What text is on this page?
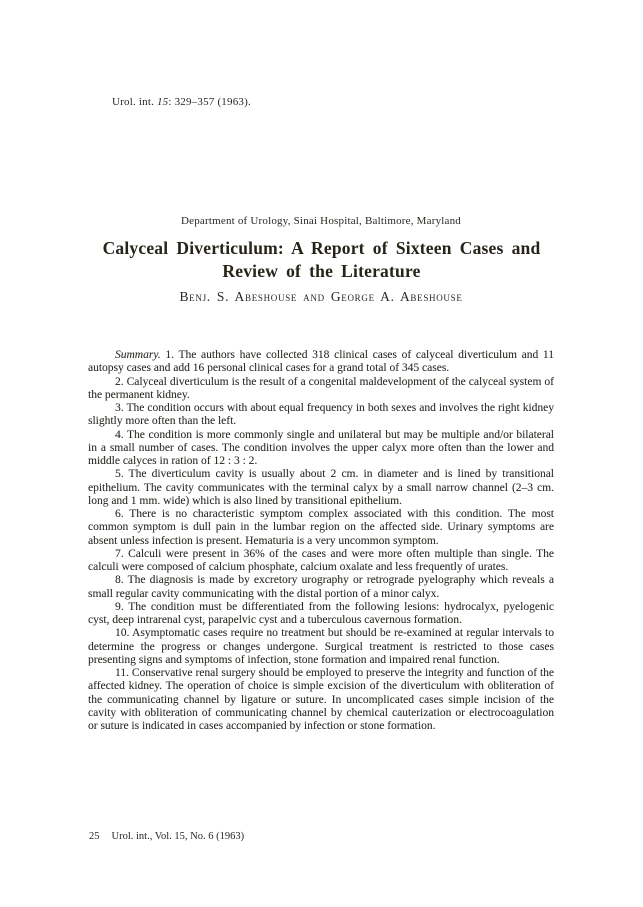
Urol. int. 15: 329–357 (1963).
Department of Urology, Sinai Hospital, Baltimore, Maryland
Calyceal Diverticulum: A Report of Sixteen Cases and
Review of the Literature
Benj. S. Abeshouse and George A. Abeshouse

Summary. 1. The authors have collected 318 clinical cases of calyceal diverticulum and 11 autopsy cases and add 16 personal clinical cases for a grand total of 345 cases.

2. Calyceal diverticulum is the result of a congenital maldevelopment of the calyceal system of the permanent kidney.

3. The condition occurs with about equal frequency in both sexes and involves the right kidney slightly more often than the left.

4. The condition is more commonly single and unilateral but may be multiple and/or bilateral in a small number of cases. The condition involves the upper calyx more often than the lower and middle calyces in ration of 12 : 3 : 2.

5. The diverticulum cavity is usually about 2 cm. in diameter and is lined by transitional epithelium. The cavity communicates with the terminal calyx by a small narrow channel (2–3 cm. long and 1 mm. wide) which is also lined by transitional epithelium.

6. There is no characteristic symptom complex associated with this condition. The most common symptom is dull pain in the lumbar region on the affected side. Urinary symptoms are absent unless infection is present. Hematuria is a very uncommon symptom.

7. Calculi were present in 36% of the cases and were more often multiple than single. The calculi were composed of calcium phosphate, calcium oxalate and less frequently of urates.

8. The diagnosis is made by excretory urography or retrograde pyelography which reveals a small regular cavity communicating with the distal portion of a minor calyx.

9. The condition must be differentiated from the following lesions: hydrocalyx, pyelogenic cyst, deep intrarenal cyst, parapelvic cyst and a tuberculous cavernous formation.

10. Asymptomatic cases require no treatment but should be re-examined at regular intervals to determine the progress or changes undergone. Surgical treatment is restricted to those cases presenting signs and symptoms of infection, stone formation and impaired renal function.

11. Conservative renal surgery should be employed to preserve the integrity and function of the affected kidney. The operation of choice is simple excision of the diverticulum with obliteration of the communicating channel by ligature or suture. In uncomplicated cases simple incision of the cavity with obliteration of communicating channel by chemical cauterization or electrocoagulation or suture is indicated in cases accompanied by infection or stone formation.

25 Urol. int., Vol. 15, No. 6 (1963)
